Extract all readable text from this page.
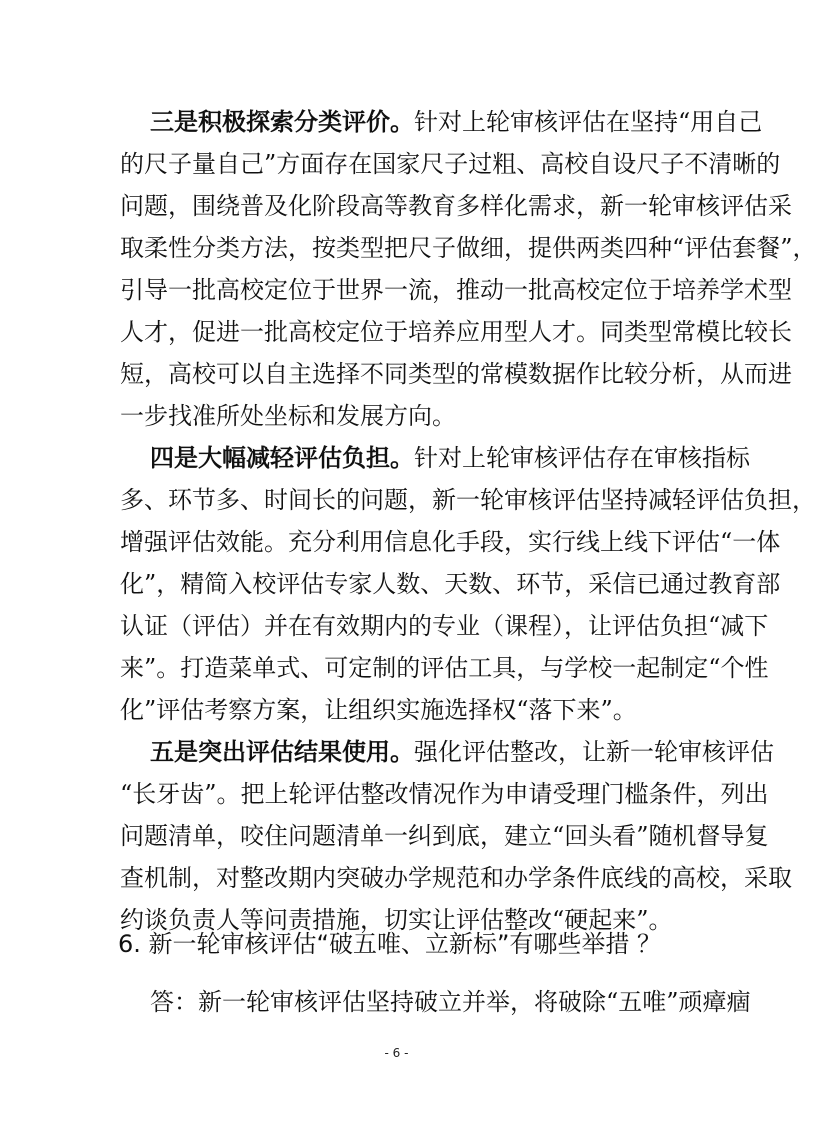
三是积极探索分类评价。针对上轮审核评估在坚持“用自己
的尺子量自己”方面存在国家尺子过粗、高校自设尺子不清晰的
问题，围绕普及化阶段高等教育多样化需求，新一轮审核评估采
取柔性分类方法，按类型把尺子做细，提供两类四种“评估套餐”，
引导一批高校定位于世界一流，推动一批高校定位于培养学术型
人才，促进一批高校定位于培养应用型人才。同类型常模比较长
短，高校可以自主选择不同类型的常模数据作比较分析，从而进
一步找准所处坐标和发展方向。
四是大幅减轻评估负担。针对上轮审核评估存在审核指标
多、环节多、时间长的问题，新一轮审核评估坚持减轻评估负担，
增强评估效能。充分利用信息化手段，实行线上线下评估“一体
化”，精简入校评估专家人数、天数、环节，采信已通过教育部
认证（评估）并在有效期内的专业（课程），让评估负担“减下
来”。打造菜单式、可定制的评估工具，与学校一起制定“个性
化”评估考察方案，让组织实施选择权“落下来”。
五是突出评估结果使用。强化评估整改，让新一轮审核评估
“长牙齿”。把上轮评估整改情况作为申请受理门槛条件，列出
问题清单，咬住问题清单一纠到底，建立“回头看”随机督导复
查机制，对整改期内突破办学规范和办学条件底线的高校，采取
约谈负责人等问责措施，切实让评估整改“硬起来”。
6. 新一轮审核评估“破五唯、立新标”有哪些举措 ？
答：新一轮审核评估坚持破立并举，将破除“五唯”顽瘴痼
- 6 -
